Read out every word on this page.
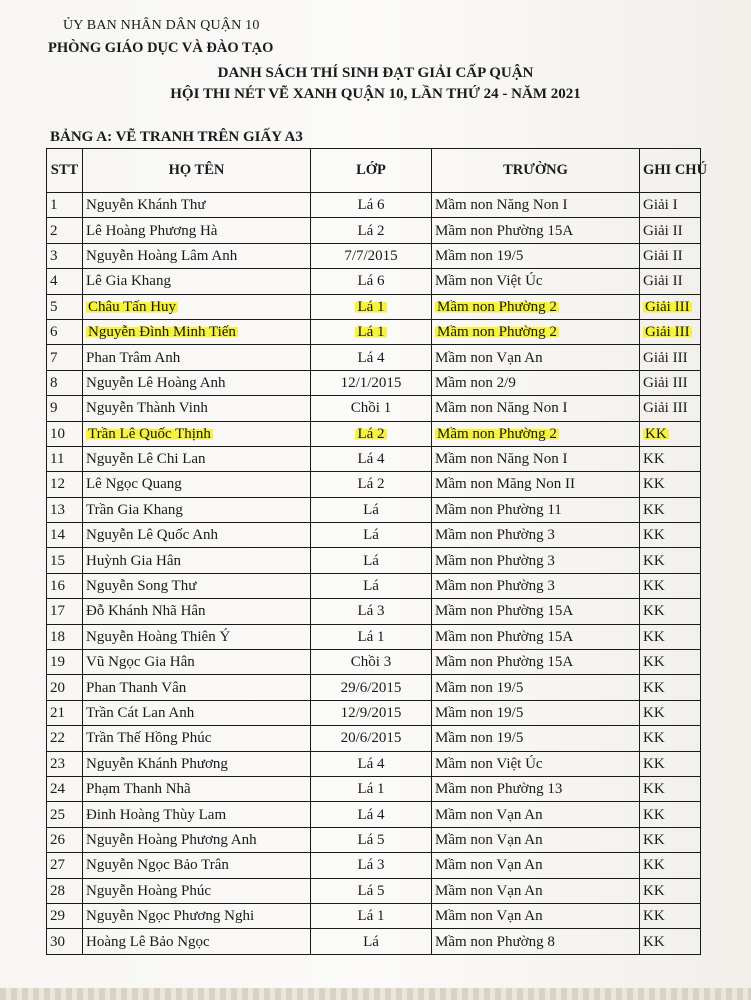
ỦY BAN NHÂN DÂN QUẬN 10
PHÒNG GIÁO DỤC VÀ ĐÀO TẠO
DANH SÁCH THÍ SINH ĐẠT GIẢI CẤP QUẬN
HỘI THI NÉT VẼ XANH QUẬN 10, LẦN THỨ 24 - NĂM 2021
BẢNG A: VẼ TRANH TRÊN GIẤY A3
STT	HỌ TÊN	LỚP	TRƯỜNG	GHI CHÚ
1	Nguyễn Khánh Thư	Lá 6	Mầm non Năng Non I	Giải I
2	Lê Hoàng Phương Hà	Lá 2	Mầm non Phường 15A	Giải II
3	Nguyễn Hoàng Lâm Anh	7/7/2015	Mầm non 19/5	Giải II
4	Lê Gia Khang	Lá 6	Mầm non Việt Úc	Giải II
5	Châu Tấn Huy	Lá 1	Mầm non Phường 2	Giải III
6	Nguyễn Đình Minh Tiến	Lá 1	Mầm non Phường 2	Giải III
7	Phan Trâm Anh	Lá 4	Mầm non Vạn An	Giải III
8	Nguyễn Lê Hoàng Anh	12/1/2015	Mầm non 2/9	Giải III
9	Nguyễn Thành Vinh	Chồi 1	Mầm non Năng Non I	Giải III
10	Trần Lê Quốc Thịnh	Lá 2	Mầm non Phường 2	KK
11	Nguyễn Lê Chi Lan	Lá 4	Mầm non Năng Non I	KK
12	Lê Ngọc Quang	Lá 2	Mầm non Măng Non II	KK
13	Trần Gia Khang	Lá	Mầm non Phường 11	KK
14	Nguyễn Lê Quốc Anh	Lá	Mầm non Phường 3	KK
15	Huỳnh Gia Hân	Lá	Mầm non Phường 3	KK
16	Nguyễn Song Thư	Lá	Mầm non Phường 3	KK
17	Đỗ Khánh Nhã Hân	Lá 3	Mầm non Phường 15A	KK
18	Nguyễn Hoàng Thiên Ý	Lá 1	Mầm non Phường 15A	KK
19	Vũ Ngọc Gia Hân	Chồi 3	Mầm non Phường 15A	KK
20	Phan Thanh Vân	29/6/2015	Mầm non 19/5	KK
21	Trần Cát Lan Anh	12/9/2015	Mầm non 19/5	KK
22	Trần Thế Hồng Phúc	20/6/2015	Mầm non 19/5	KK
23	Nguyễn Khánh Phương	Lá 4	Mầm non Việt Úc	KK
24	Phạm Thanh Nhã	Lá 1	Mầm non Phường 13	KK
25	Đinh Hoàng Thùy Lam	Lá 4	Mầm non Vạn An	KK
26	Nguyễn Hoàng Phương Anh	Lá 5	Mầm non Vạn An	KK
27	Nguyễn Ngọc Bảo Trân	Lá 3	Mầm non Vạn An	KK
28	Nguyễn Hoàng Phúc	Lá 5	Mầm non Vạn An	KK
29	Nguyễn Ngọc Phương Nghi	Lá 1	Mầm non Vạn An	KK
30	Hoàng Lê Bảo Ngọc	Lá	Mầm non Phường 8	KK
